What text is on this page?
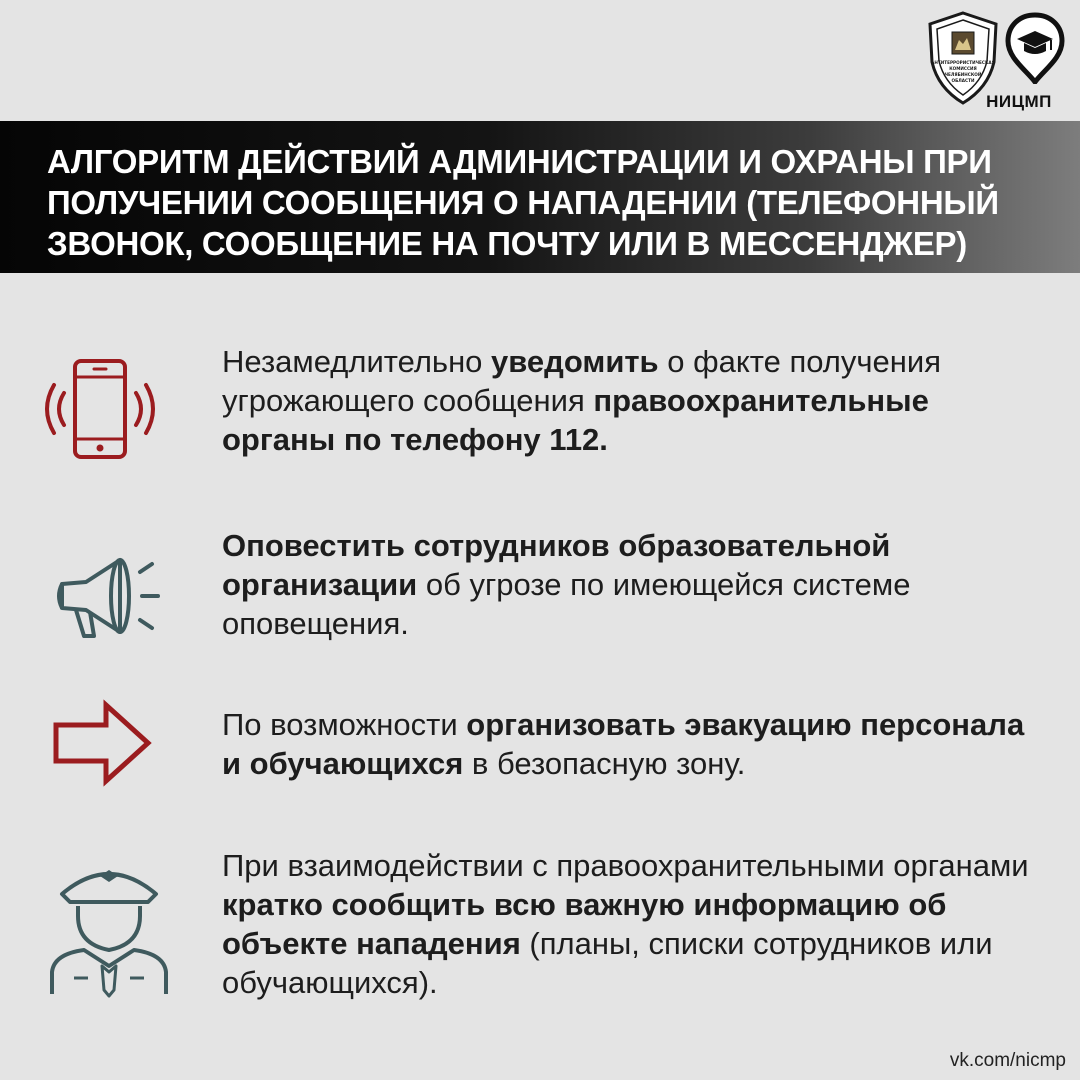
АНТИТЕРРОРИСТИЧЕСКАЯ
КОМИССИЯ
ЧЕЛЯБИНСКОЙ
ОБЛАСТИ
НИЦМП
АЛГОРИТМ ДЕЙСТВИЙ АДМИНИСТРАЦИИ И ОХРАНЫ ПРИ ПОЛУЧЕНИИ СООБЩЕНИЯ О НАПАДЕНИИ (ТЕЛЕФОННЫЙ ЗВОНОК, СООБЩЕНИЕ НА ПОЧТУ ИЛИ В МЕССЕНДЖЕР)

Незамедлительно уведомить о факте получения угрожающего сообщения правоохранительные органы по телефону 112.

Оповестить сотрудников образовательной организации об угрозе по имеющейся системе оповещения.

По возможности организовать эвакуацию персонала и обучающихся в безопасную зону.

При взаимодействии с правоохранительными органами кратко сообщить всю важную информацию об объекте нападения (планы, списки сотрудников или обучающихся).

vk.com/nicmp
